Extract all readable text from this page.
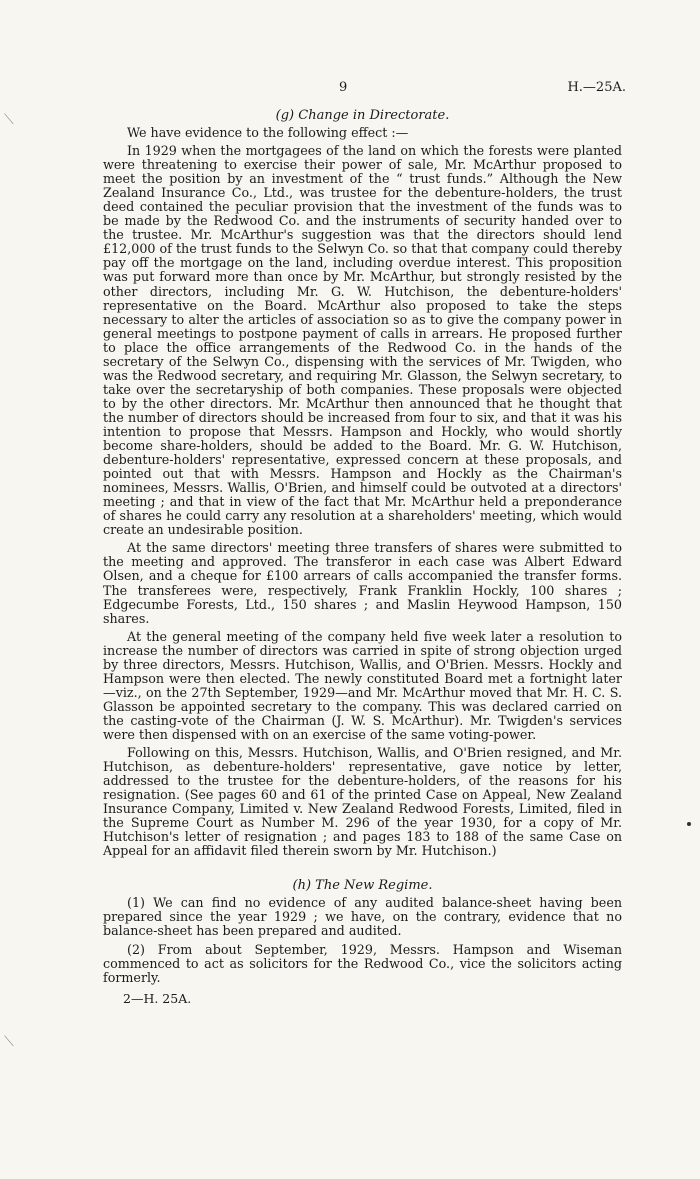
⟍
⟍
9	H.—25A.
(g) Change in Directorate.

We have evidence to the following effect :—

In 1929 when the mortgagees of the land on which the forests were planted were threatening to exercise their power of sale, Mr. McArthur proposed to meet the position by an investment of the “ trust funds.” Although the New Zealand Insurance Co., Ltd., was trustee for the debenture-holders, the trust deed contained the peculiar provision that the investment of the funds was to be made by the Redwood Co. and the instruments of security handed over to the trustee. Mr. McArthur's suggestion was that the directors should lend £12,000 of the trust funds to the Selwyn Co. so that that company could thereby pay off the mortgage on the land, including overdue interest. This proposition was put forward more than once by Mr. McArthur, but strongly resisted by the other directors, including Mr. G. W. Hutchison, the debenture-holders' representative on the Board. McArthur also proposed to take the steps necessary to alter the articles of association so as to give the company power in general meetings to postpone payment of calls in arrears. He proposed further to place the office arrangements of the Redwood Co. in the hands of the secretary of the Selwyn Co., dispensing with the services of Mr. Twigden, who was the Redwood secretary, and requiring Mr. Glasson, the Selwyn secretary, to take over the secretaryship of both companies. These proposals were objected to by the other directors. Mr. McArthur then announced that he thought that the number of directors should be increased from four to six, and that it was his intention to propose that Messrs. Hampson and Hockly, who would shortly become share-holders, should be added to the Board. Mr. G. W. Hutchison, debenture-holders' representative, expressed concern at these proposals, and pointed out that with Messrs. Hampson and Hockly as the Chairman's nominees, Messrs. Wallis, O'Brien, and himself could be outvoted at a directors' meeting ; and that in view of the fact that Mr. McArthur held a preponderance of shares he could carry any resolution at a shareholders' meeting, which would create an undesirable position.

At the same directors' meeting three transfers of shares were submitted to the meeting and approved. The transferor in each case was Albert Edward Olsen, and a cheque for £100 arrears of calls accompanied the transfer forms. The transferees were, respectively, Frank Franklin Hockly, 100 shares ; Edgecumbe Forests, Ltd., 150 shares ; and Maslin Heywood Hampson, 150 shares.

At the general meeting of the company held five week later a resolution to increase the number of directors was carried in spite of strong objection urged by three directors, Messrs. Hutchison, Wallis, and O'Brien. Messrs. Hockly and Hampson were then elected. The newly constituted Board met a fortnight later —viz., on the 27th September, 1929—and Mr. McArthur moved that Mr. H. C. S. Glasson be appointed secretary to the company. This was declared carried on the casting-vote of the Chairman (J. W. S. McArthur). Mr. Twigden's services were then dispensed with on an exercise of the same voting-power.

Following on this, Messrs. Hutchison, Wallis, and O'Brien resigned, and Mr. Hutchison, as debenture-holders' representative, gave notice by letter, addressed to the trustee for the debenture-holders, of the reasons for his resignation. (See pages 60 and 61 of the printed Case on Appeal, New Zealand Insurance Company, Limited v. New Zealand Redwood Forests, Limited, filed in the Supreme Court as Number M. 296 of the year 1930, for a copy of Mr. Hutchison's letter of resignation ; and pages 183 to 188 of the same Case on Appeal for an affidavit filed therein sworn by Mr. Hutchison.)

(h) The New Regime.

(1) We can find no evidence of any audited balance-sheet having been prepared since the year 1929 ; we have, on the contrary, evidence that no balance-sheet has been prepared and audited.

(2) From about September, 1929, Messrs. Hampson and Wiseman commenced to act as solicitors for the Redwood Co., vice the solicitors acting formerly.

2—H. 25A.
